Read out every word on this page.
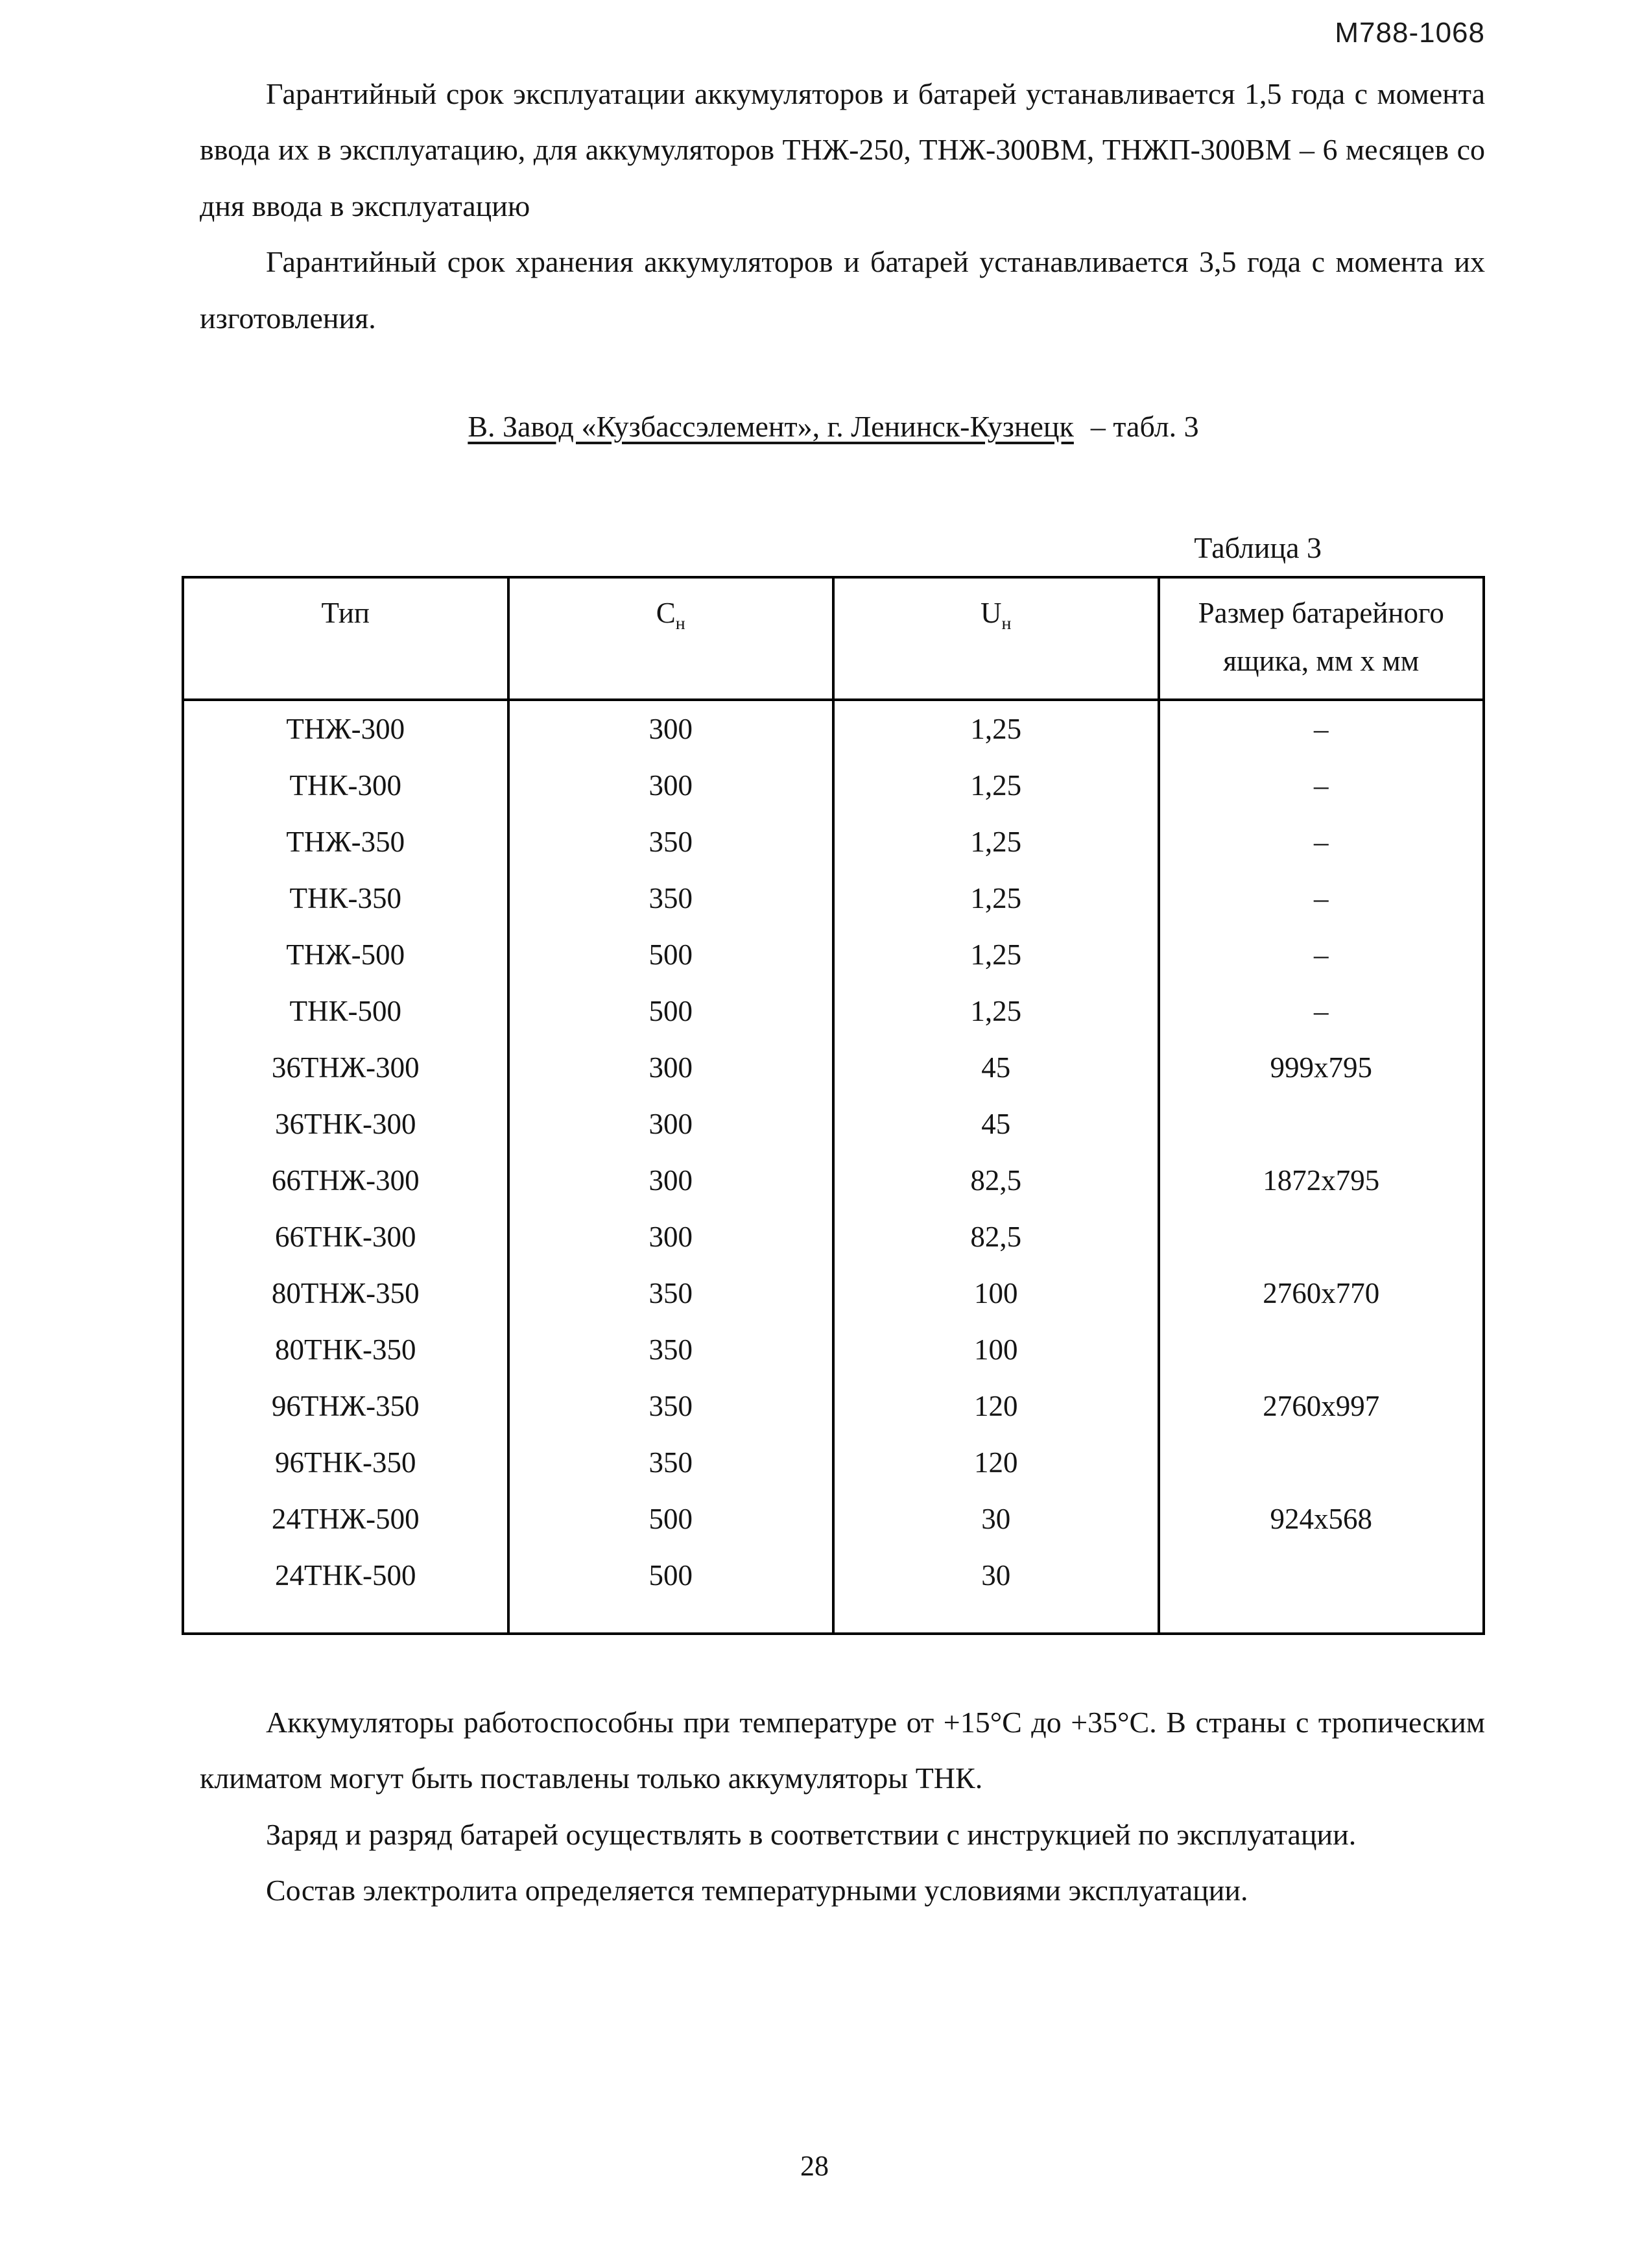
М788-1068

Гарантийный срок эксплуатации аккумуляторов и батарей устанавливается 1,5 года с момента ввода их в эксплуатацию, для аккумуляторов ТНЖ-250, ТНЖ-300ВМ, ТНЖП-300ВМ – 6 месяцев со дня ввода в эксплуатацию

Гарантийный срок хранения аккумуляторов и батарей устанавливается 3,5 года с момента их изготовления.

В. Завод «Кузбассэлемент», г. Ленинск-Кузнецк – табл. 3
Таблица 3
Тип	$С_н$	$U_н$	Размер батарейного
ящика, мм х мм

ТНЖ-300	300	1,25	–
ТНК-300	300	1,25	–
ТНЖ-350	350	1,25	–
ТНК-350	350	1,25	–
ТНЖ-500	500	1,25	–
ТНК-500	500	1,25	–
36ТНЖ-300	300	45	999х795
36ТНК-300	300	45	
66ТНЖ-300	300	82,5	1872х795
66ТНК-300	300	82,5	
80ТНЖ-350	350	100	2760х770
80ТНК-350	350	100	
96ТНЖ-350	350	120	2760х997
96ТНК-350	350	120	
24ТНЖ-500	500	30	924х568
24ТНК-500	500	30	

Аккумуляторы работоспособны при температуре от +15°С до +35°С. В страны с тропическим климатом могут быть поставлены только аккумуляторы ТНК.

Заряд и разряд батарей осуществлять в соответствии с инструкцией по эксплуатации.

Состав электролита определяется температурными условиями эксплуатации.

28
